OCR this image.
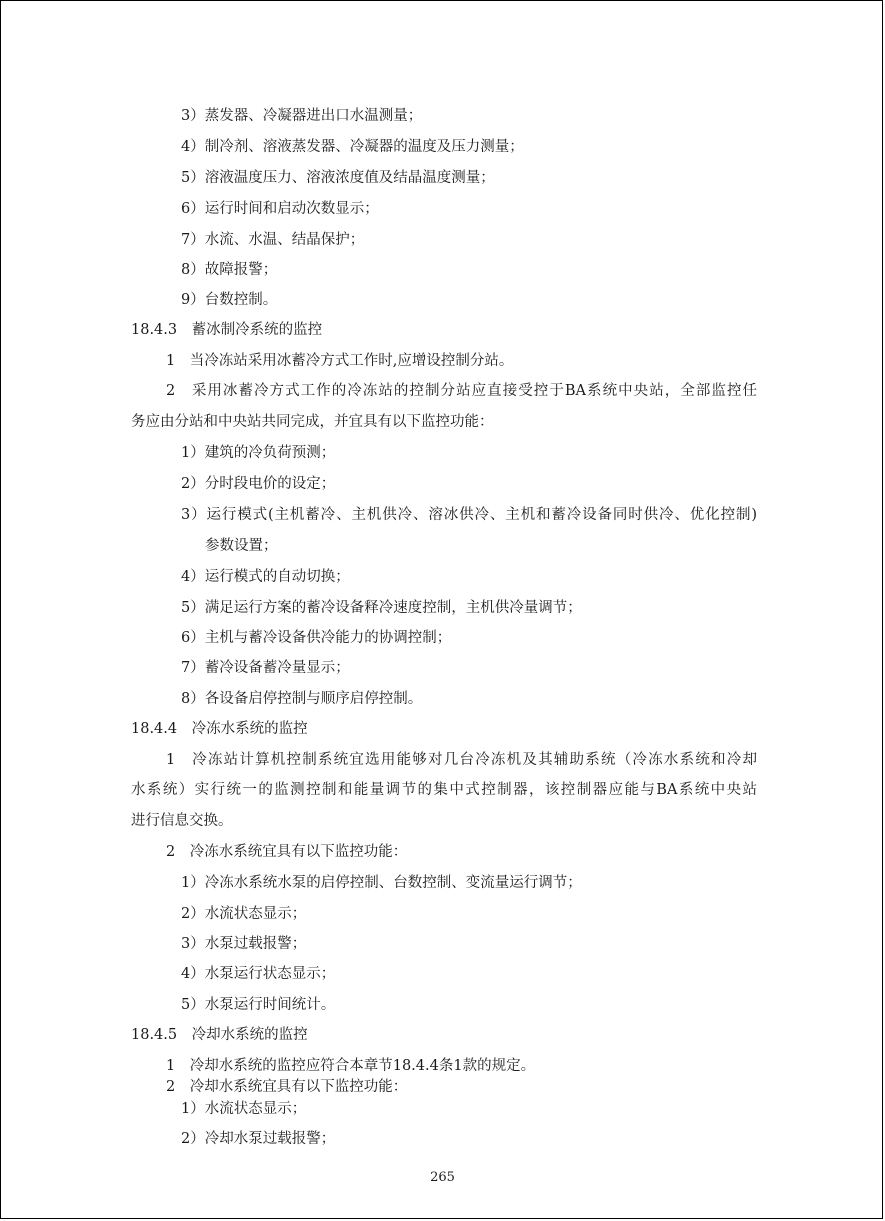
3）蒸发器、冷凝器进出口水温测量；
4）制冷剂、溶液蒸发器、冷凝器的温度及压力测量；
5）溶液温度压力、溶液浓度值及结晶温度测量；
6）运行时间和启动次数显示；
7）水流、水温、结晶保护；
8）故障报警；
9）台数控制。
18.4.3　蓄冰制冷系统的监控
1　当冷冻站采用冰蓄冷方式工作时,应增设控制分站。
2　采用冰蓄冷方式工作的冷冻站的控制分站应直接受控于BA系统中央站，全部监控任
务应由分站和中央站共同完成，并宜具有以下监控功能：
1）建筑的冷负荷预测；
2）分时段电价的设定；
3）运行模式(主机蓄冷、主机供冷、溶冰供冷、主机和蓄冷设备同时供冷、优化控制)
参数设置；
4）运行模式的自动切换；
5）满足运行方案的蓄冷设备释冷速度控制，主机供冷量调节；
6）主机与蓄冷设备供冷能力的协调控制；
7）蓄冷设备蓄冷量显示；
8）各设备启停控制与顺序启停控制。
18.4.4　冷冻水系统的监控
1　冷冻站计算机控制系统宜选用能够对几台冷冻机及其辅助系统（冷冻水系统和冷却
水系统）实行统一的监测控制和能量调节的集中式控制器，该控制器应能与BA系统中央站
进行信息交换。
2　冷冻水系统宜具有以下监控功能：
1）冷冻水系统水泵的启停控制、台数控制、变流量运行调节；
2）水流状态显示；
3）水泵过载报警；
4）水泵运行状态显示；
5）水泵运行时间统计。
18.4.5　冷却水系统的监控
1　冷却水系统的监控应符合本章节18.4.4条1款的规定。
2　冷却水系统宜具有以下监控功能：
1）水流状态显示；
2）冷却水泵过载报警；
265
